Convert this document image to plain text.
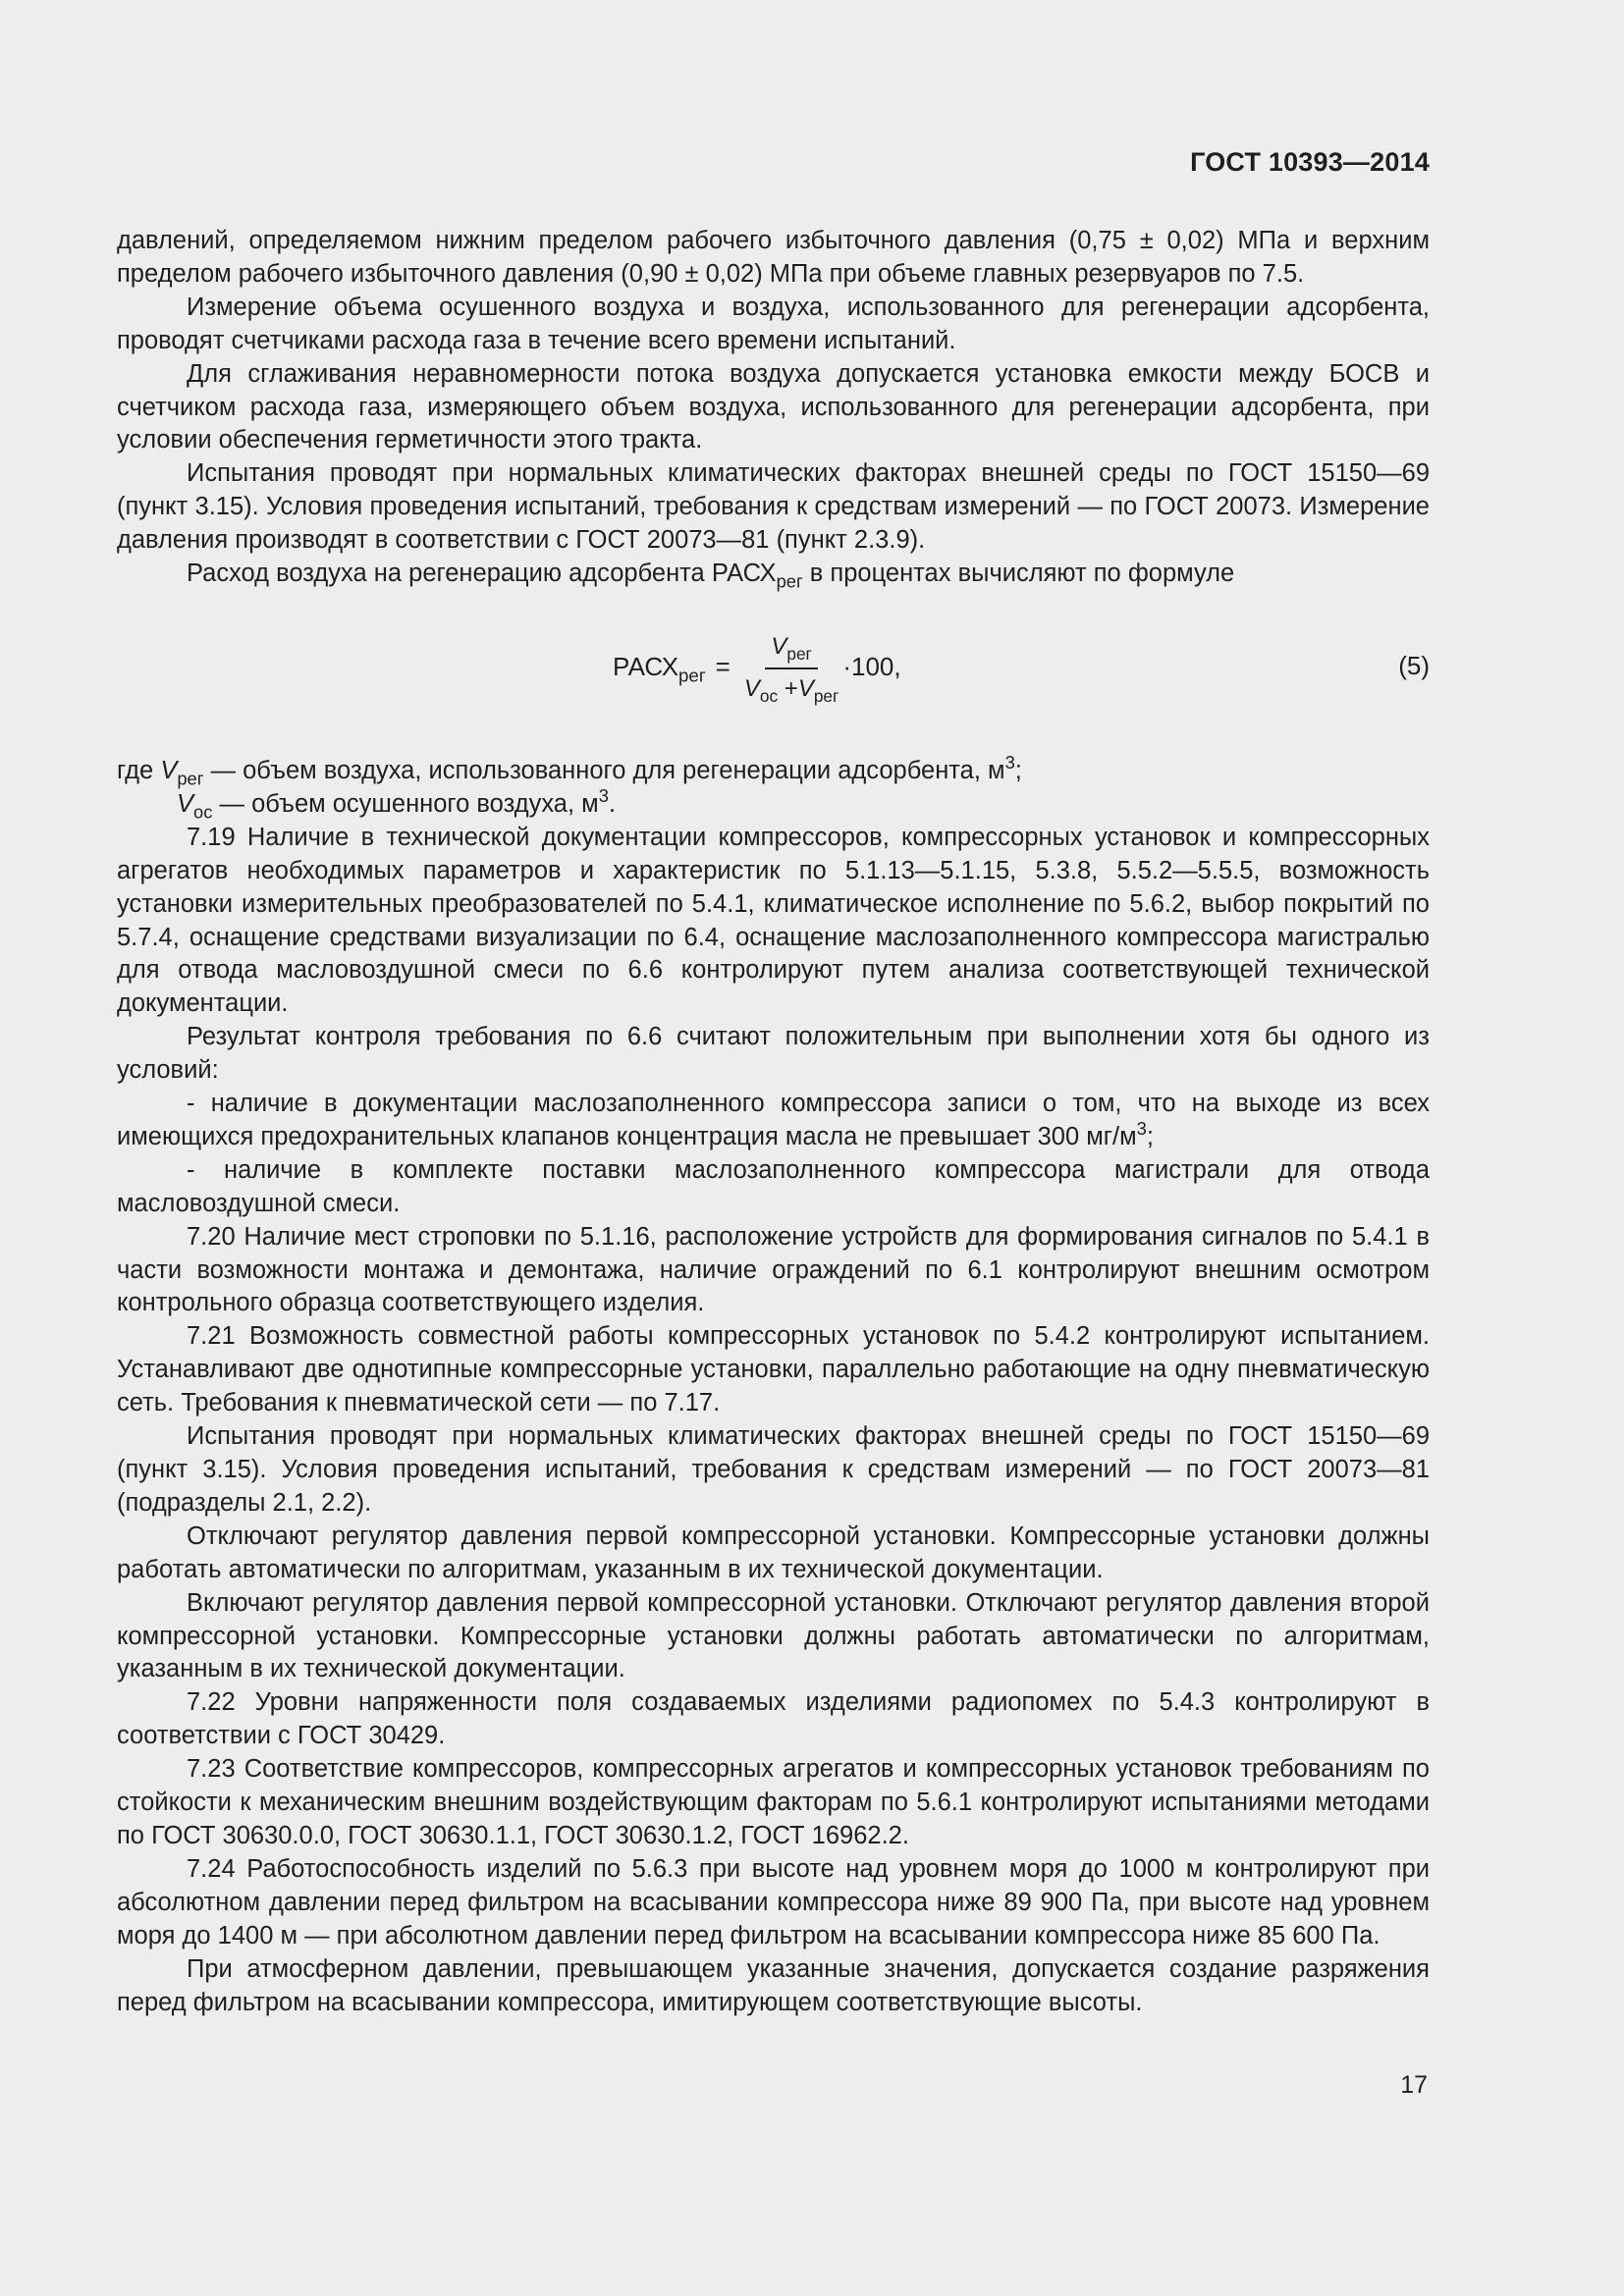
ГОСТ 10393—2014

давлений, определяемом нижним пределом рабочего избыточного давления (0,75 ± 0,02) МПа и верхним пределом рабочего избыточного давления (0,90 ± 0,02) МПа при объеме главных резервуаров по 7.5.

Измерение объема осушенного воздуха и воздуха, использованного для регенерации адсорбента, проводят счетчиками расхода газа в течение всего времени испытаний.

Для сглаживания неравномерности потока воздуха допускается установка емкости между БОСВ и счетчиком расхода газа, измеряющего объем воздуха, использованного для регенерации адсорбента, при условии обеспечения герметичности этого тракта.

Испытания проводят при нормальных климатических факторах внешней среды по ГОСТ 15150—69 (пункт 3.15). Условия проведения испытаний, требования к средствам измерений — по ГОСТ 20073. Измерение давления производят в соответствии с ГОСТ 20073—81 (пункт 2.3.9).

Расход воздуха на регенерацию адсорбента $РАСХ_{рег}$ в процентах вычисляют по формуле

$РАСХ_{рег} = \frac{V_{рег}}{V_{ос} +V_{рег}} \cdot 100$,	(5)

где $V_{рег}$ — объем воздуха, использованного для регенерации адсорбента, $м^3$;

$V_{ос}$ — объем осушенного воздуха, $м^3$.

7.19 Наличие в технической документации компрессоров, компрессорных установок и компрессорных агрегатов необходимых параметров и характеристик по 5.1.13—5.1.15, 5.3.8, 5.5.2—5.5.5, возможность установки измерительных преобразователей по 5.4.1, климатическое исполнение по 5.6.2, выбор покрытий по 5.7.4, оснащение средствами визуализации по 6.4, оснащение маслозаполненного компрессора магистралью для отвода масловоздушной смеси по 6.6 контролируют путем анализа соответствующей технической документации.

Результат контроля требования по 6.6 считают положительным при выполнении хотя бы одного из условий:

- наличие в документации маслозаполненного компрессора записи о том, что на выходе из всех имеющихся предохранительных клапанов концентрация масла не превышает 300 $мг/м^3$;

- наличие в комплекте поставки маслозаполненного компрессора магистрали для отвода масловоздушной смеси.

7.20 Наличие мест строповки по 5.1.16, расположение устройств для формирования сигналов по 5.4.1 в части возможности монтажа и демонтажа, наличие ограждений по 6.1 контролируют внешним осмотром контрольного образца соответствующего изделия.

7.21 Возможность совместной работы компрессорных установок по 5.4.2 контролируют испытанием. Устанавливают две однотипные компрессорные установки, параллельно работающие на одну пневматическую сеть. Требования к пневматической сети — по 7.17.

Испытания проводят при нормальных климатических факторах внешней среды по ГОСТ 15150—69 (пункт 3.15). Условия проведения испытаний, требования к средствам измерений — по ГОСТ 20073—81 (подразделы 2.1, 2.2).

Отключают регулятор давления первой компрессорной установки. Компрессорные установки должны работать автоматически по алгоритмам, указанным в их технической документации.

Включают регулятор давления первой компрессорной установки. Отключают регулятор давления второй компрессорной установки. Компрессорные установки должны работать автоматически по алгоритмам, указанным в их технической документации.

7.22 Уровни напряженности поля создаваемых изделиями радиопомех по 5.4.3 контролируют в соответствии с ГОСТ 30429.

7.23 Соответствие компрессоров, компрессорных агрегатов и компрессорных установок требованиям по стойкости к механическим внешним воздействующим факторам по 5.6.1 контролируют испытаниями методами по ГОСТ 30630.0.0, ГОСТ 30630.1.1, ГОСТ 30630.1.2, ГОСТ 16962.2.

7.24 Работоспособность изделий по 5.6.3 при высоте над уровнем моря до 1000 м контролируют при абсолютном давлении перед фильтром на всасывании компрессора ниже 89 900 Па, при высоте над уровнем моря до 1400 м — при абсолютном давлении перед фильтром на всасывании компрессора ниже 85 600 Па.

При атмосферном давлении, превышающем указанные значения, допускается создание разряжения перед фильтром на всасывании компрессора, имитирующем соответствующие высоты.

17
